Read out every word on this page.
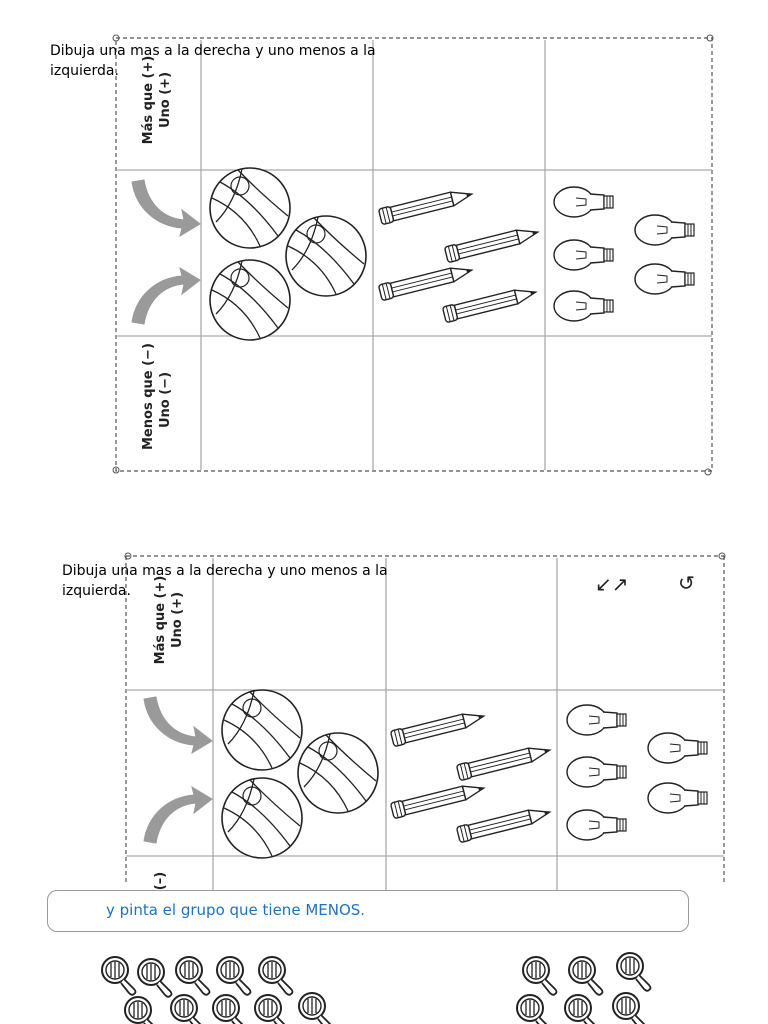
Dibuja una mas a la derecha y uno menos a la izquierda.	Más que (+) Uno (+)
Menos que (−) Uno (−)
Dibuja una mas a la derecha y uno menos a la izquierda.	Más que (+) Uno (+)
(–)
↙↗ ↺
y pinta el grupo que tiene MENOS.
